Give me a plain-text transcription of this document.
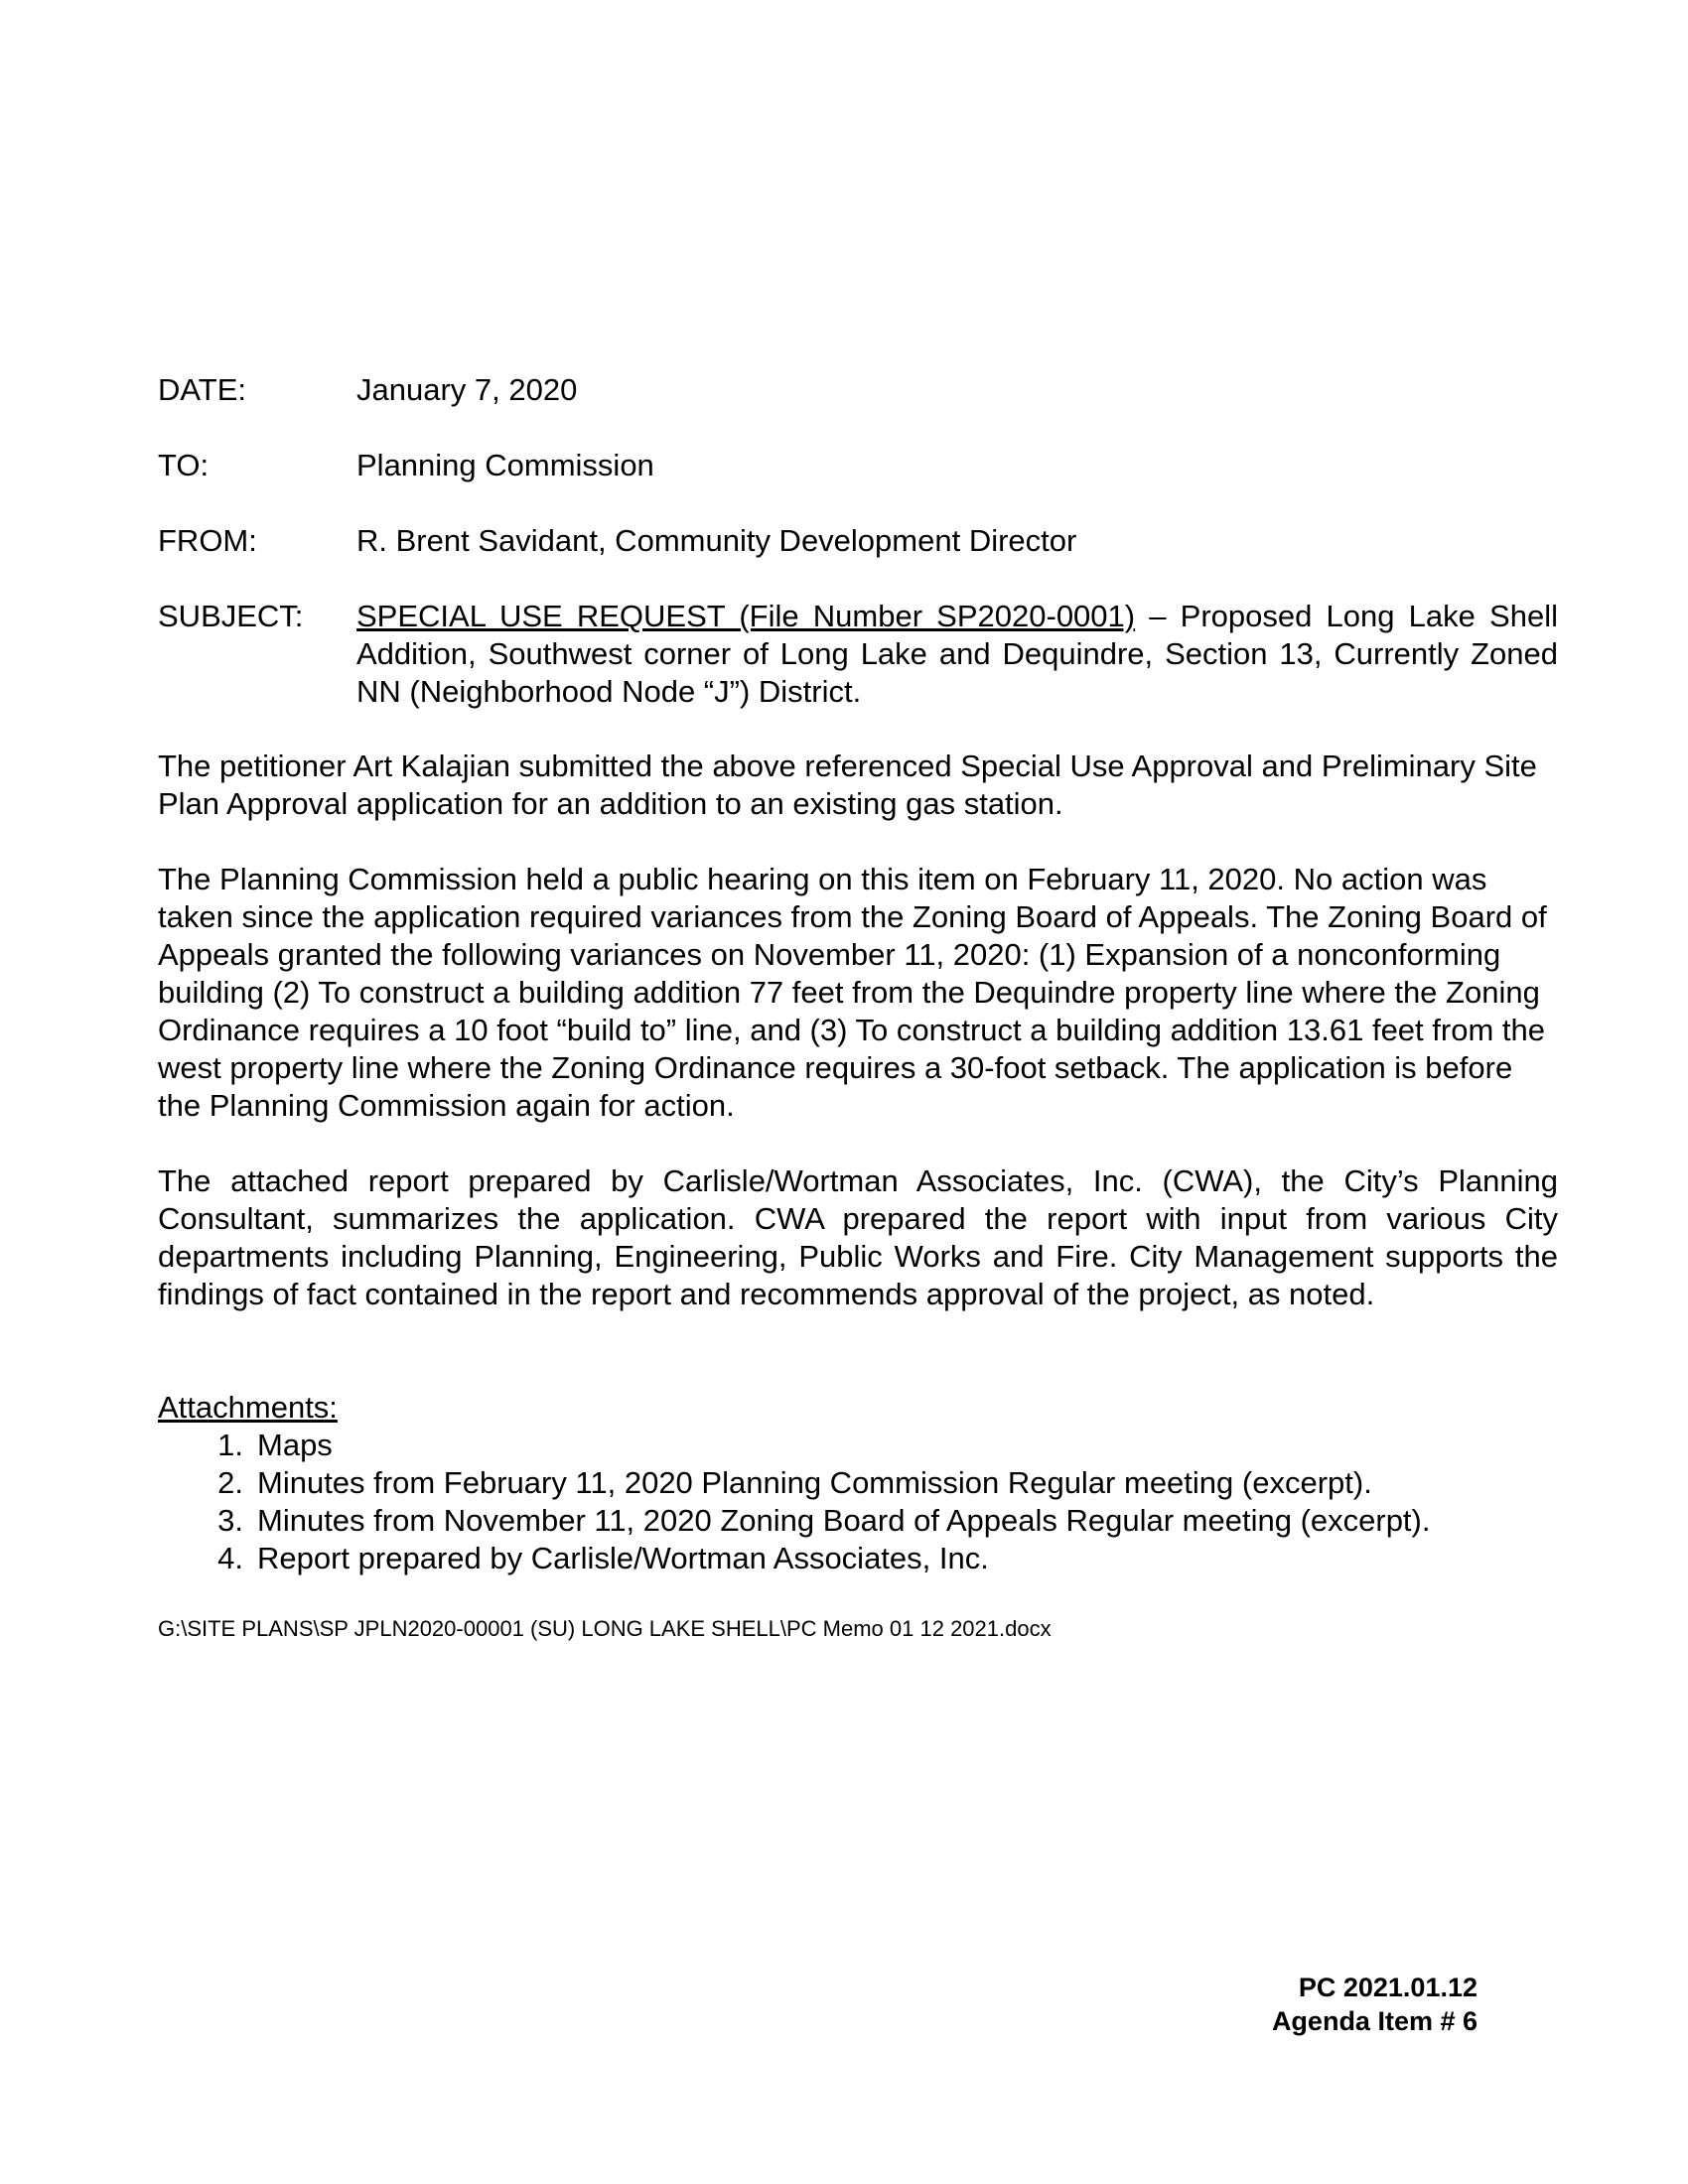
DATE:	January 7, 2020
TO:	Planning Commission
FROM:	R. Brent Savidant, Community Development Director
SUBJECT:	SPECIAL USE REQUEST (File Number SP2020-0001) – Proposed Long Lake Shell Addition, Southwest corner of Long Lake and Dequindre, Section 13, Currently Zoned NN (Neighborhood Node “J”) District.

The petitioner Art Kalajian submitted the above referenced Special Use Approval and Preliminary Site Plan Approval application for an addition to an existing gas station.

The Planning Commission held a public hearing on this item on February 11, 2020. No action was taken since the application required variances from the Zoning Board of Appeals. The Zoning Board of Appeals granted the following variances on November 11, 2020: (1) Expansion of a nonconforming building (2) To construct a building addition 77 feet from the Dequindre property line where the Zoning Ordinance requires a 10 foot “build to” line, and (3) To construct a building addition 13.61 feet from the west property line where the Zoning Ordinance requires a 30-foot setback. The application is before the Planning Commission again for action.

The attached report prepared by Carlisle/Wortman Associates, Inc. (CWA), the City’s Planning Consultant, summarizes the application. CWA prepared the report with input from various City departments including Planning, Engineering, Public Works and Fire. City Management supports the findings of fact contained in the report and recommends approval of the project, as noted.

Attachments:
1. Maps
2. Minutes from February 11, 2020 Planning Commission Regular meeting (excerpt).
3. Minutes from November 11, 2020 Zoning Board of Appeals Regular meeting (excerpt).
4. Report prepared by Carlisle/Wortman Associates, Inc.
G:\SITE PLANS\SP JPLN2020-00001 (SU) LONG LAKE SHELL\PC Memo 01 12 2021.docx
PC 2021.01.12
Agenda Item # 6
